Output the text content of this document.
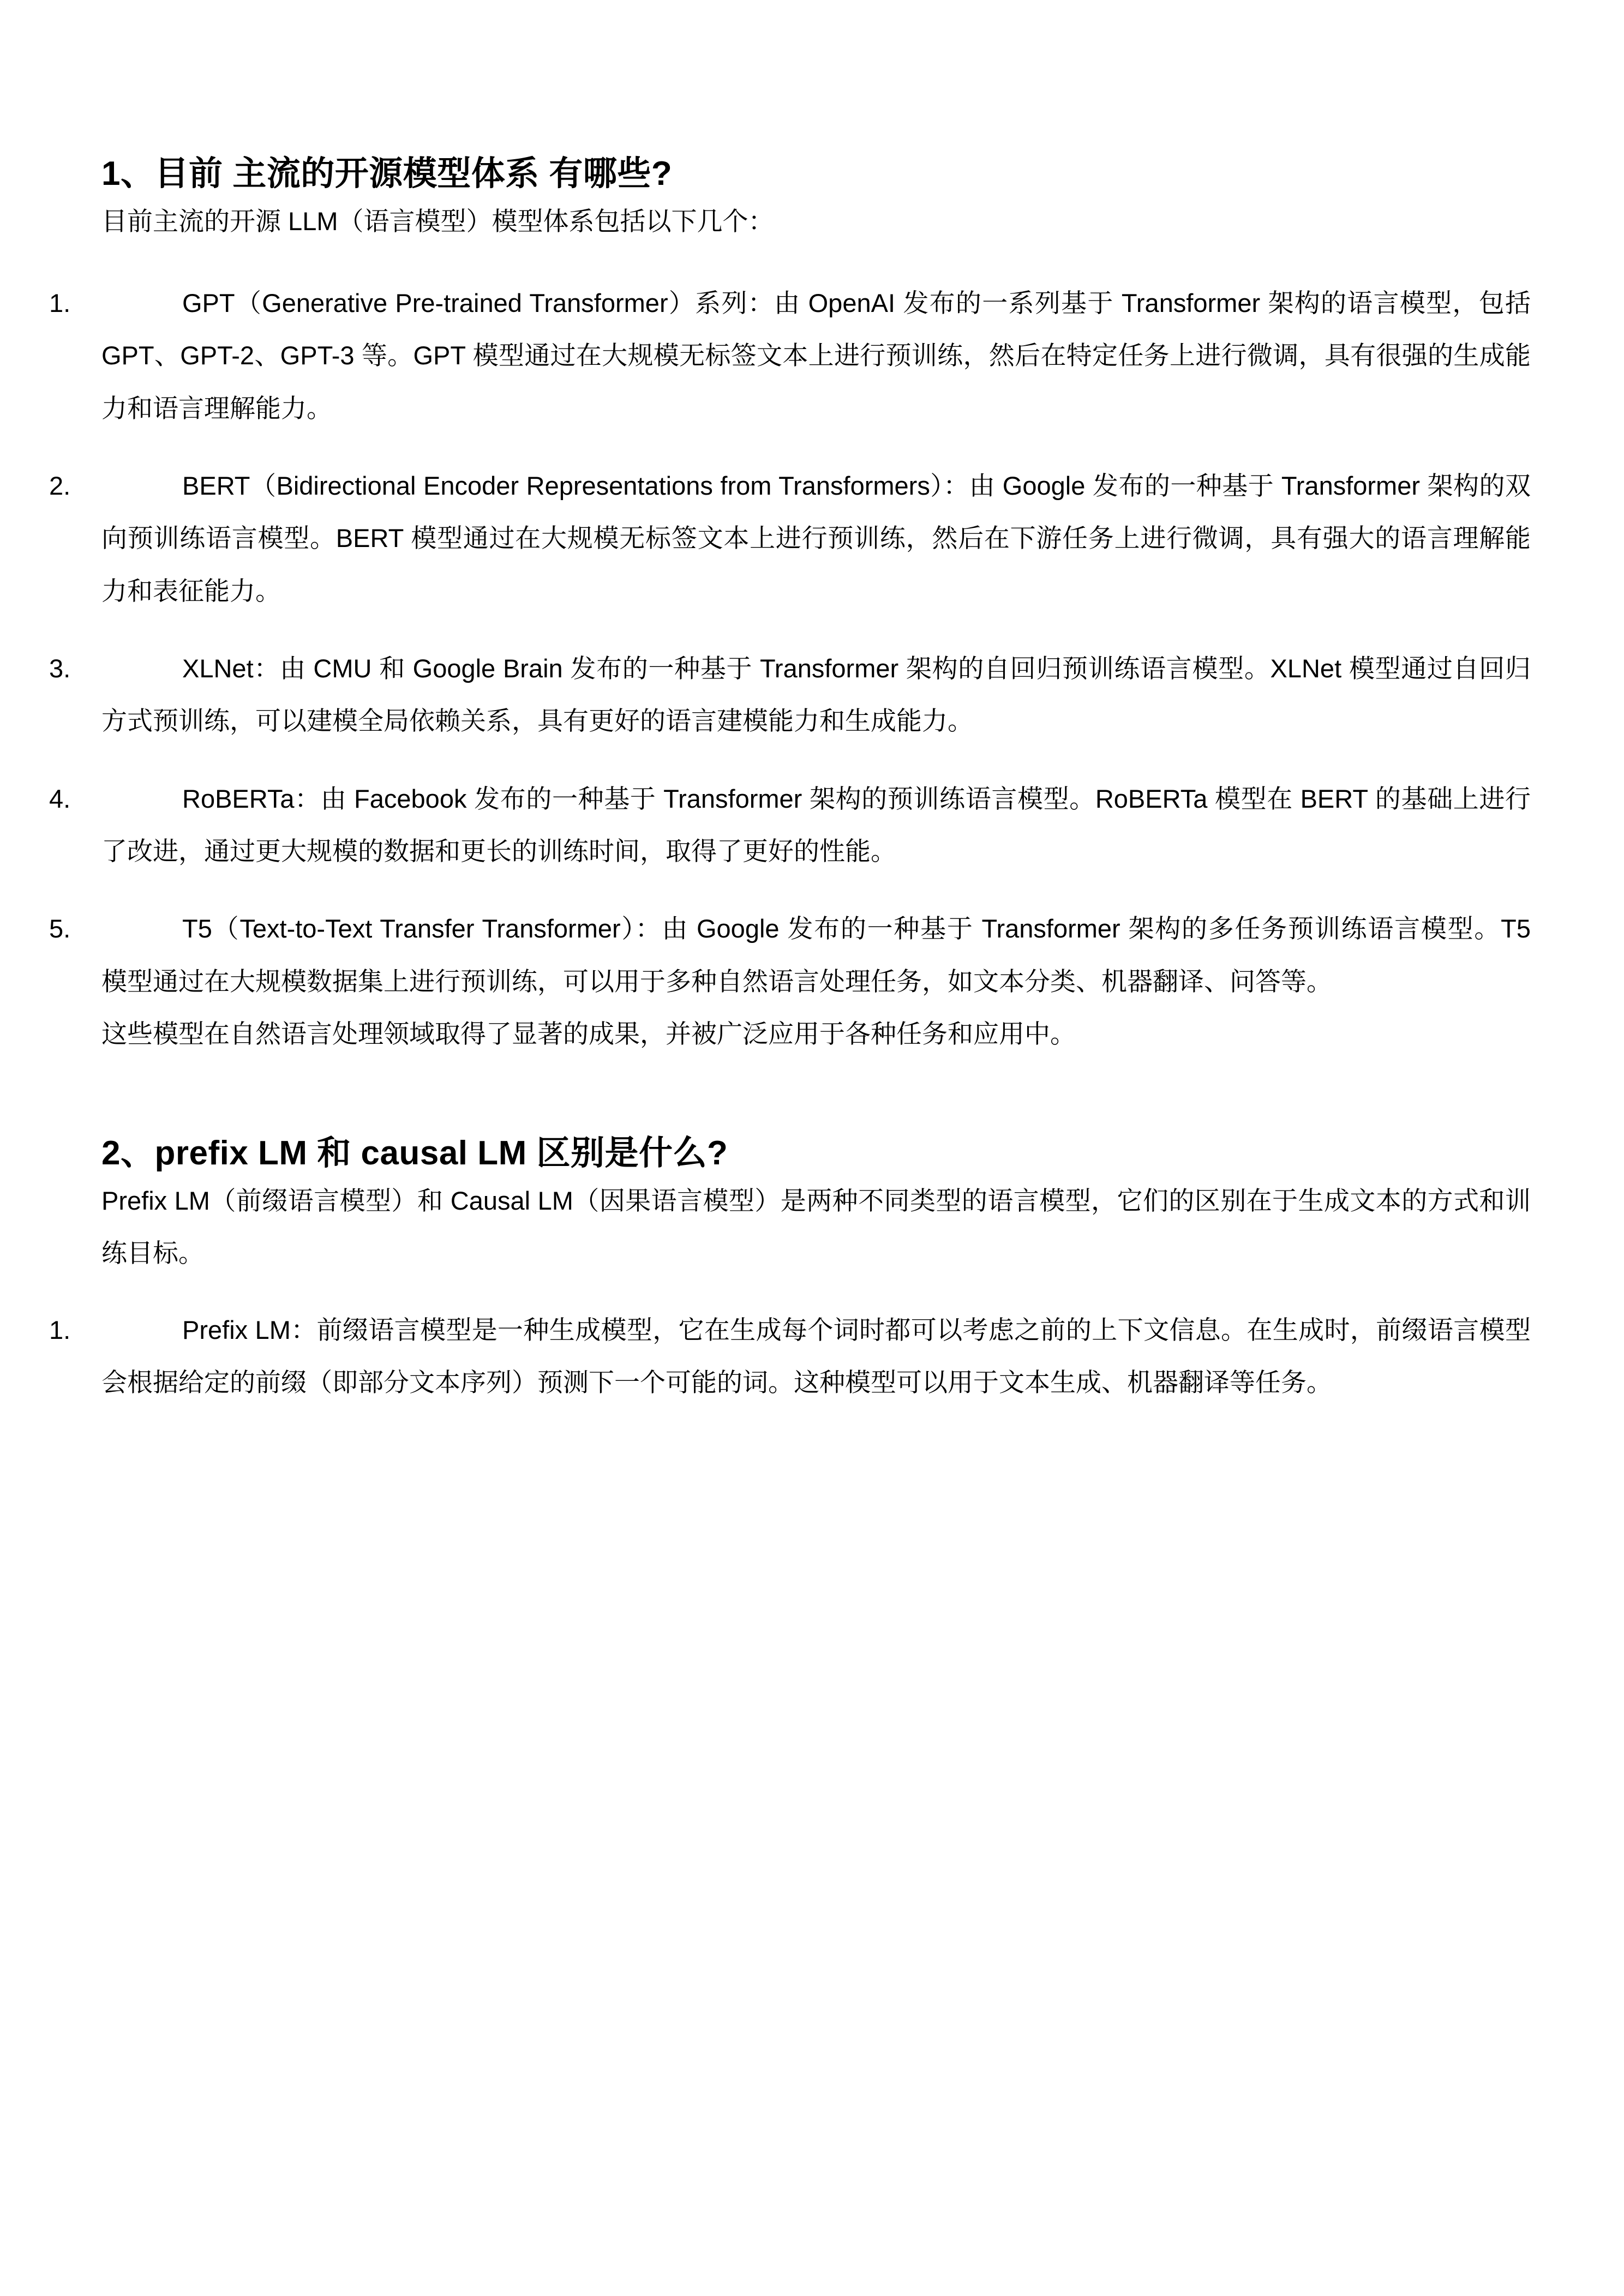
1、目前 主流的开源模型体系 有哪些?

目前主流的开源 LLM（语言模型）模型体系包括以下几个：

1.	GPT（Generative Pre-trained Transformer）系列：由 OpenAI 发布的一系列基于 Transformer 架构的语言模型，包括 GPT、GPT-2、GPT-3 等。GPT 模型通过在大规模无标签文本上进行预训练，然后在特定任务上进行微调，具有很强的生成能力和语言理解能力。
2.	BERT（Bidirectional Encoder Representations from Transformers）：由 Google 发布的一种基于 Transformer 架构的双向预训练语言模型。BERT 模型通过在大规模无标签文本上进行预训练，然后在下游任务上进行微调，具有强大的语言理解能力和表征能力。
3.	XLNet：由 CMU 和 Google Brain 发布的一种基于 Transformer 架构的自回归预训练语言模型。XLNet 模型通过自回归方式预训练，可以建模全局依赖关系，具有更好的语言建模能力和生成能力。
4.	RoBERTa：由 Facebook 发布的一种基于 Transformer 架构的预训练语言模型。RoBERTa 模型在 BERT 的基础上进行了改进，通过更大规模的数据和更长的训练时间，取得了更好的性能。
5.	T5（Text-to-Text Transfer Transformer）：由 Google 发布的一种基于 Transformer 架构的多任务预训练语言模型。T5 模型通过在大规模数据集上进行预训练，可以用于多种自然语言处理任务，如文本分类、机器翻译、问答等。

这些模型在自然语言处理领域取得了显著的成果，并被广泛应用于各种任务和应用中。

2、prefix LM 和 causal LM 区别是什么?

Prefix LM（前缀语言模型）和 Causal LM（因果语言模型）是两种不同类型的语言模型，它们的区别在于生成文本的方式和训练目标。

1.	Prefix LM：前缀语言模型是一种生成模型，它在生成每个词时都可以考虑之前的上下文信息。在生成时，前缀语言模型会根据给定的前缀（即部分文本序列）预测下一个可能的词。这种模型可以用于文本生成、机器翻译等任务。
